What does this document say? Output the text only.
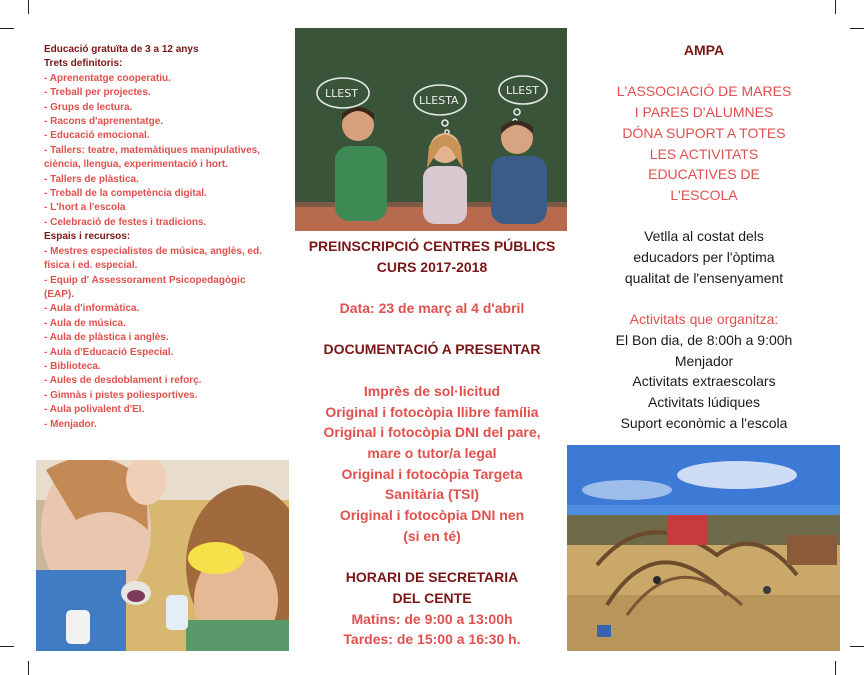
Educació gratuïta de 3 a 12 anys
Trets definitoris:
- Aprenentatge cooperatiu.
- Treball per projectes.
- Grups de lectura.
- Racons d'aprenentatge.
- Educació emocional.
- Tallers: teatre, matemàtiques manipulatives,
ciència, llengua, experimentació i hort.
- Tallers de plàstica.
- Treball de la competència digital.
- L'hort a l'escola
- Celebració de festes i tradicions.
Espais i recursos:
- Mestres especialistes de música, anglès, ed.
física i ed. especial.
- Equip d' Assessorament Psicopedagògic
(EAP).
- Aula d'informàtica.
- Aula de música.
- Aula de plàstica i anglès.
- Aula d'Educació Especial.
- Biblioteca.
- Aules de desdoblament i reforç.
- Gimnàs i pistes poliesportives.
- Aula polivalent d'EI.
- Menjador.
LLEST
LLESTA
LLEST
PREINSCRIPCIÓ CENTRES PÚBLICS
CURS 2017-2018
Data: 23 de març al 4 d'abril
DOCUMENTACIÓ A PRESENTAR
Imprès de sol·licitud
Original i fotocòpia llibre família
Original i fotocòpia DNI del pare,
mare o tutor/a legal
Original i fotocòpia Targeta
Sanitària (TSI)
Original i fotocòpia DNI nen
(si en té)
HORARI DE SECRETARIA
DEL CENTE
Matins: de 9:00 a 13:00h
Tardes: de 15:00 a 16:30 h.
AMPA
L'ASSOCIACIÓ DE MARES
I PARES D'ALUMNES
DÓNA SUPORT A TOTES
LES ACTIVITATS
EDUCATIVES DE
L'ESCOLA
Vetlla al costat dels
educadors per l'òptima
qualitat de l'ensenyament
Activitats que organitza:
El Bon dia, de 8:00h a 9:00h
Menjador
Activitats extraescolars
Activitats lúdiques
Suport econòmic a l'escola
